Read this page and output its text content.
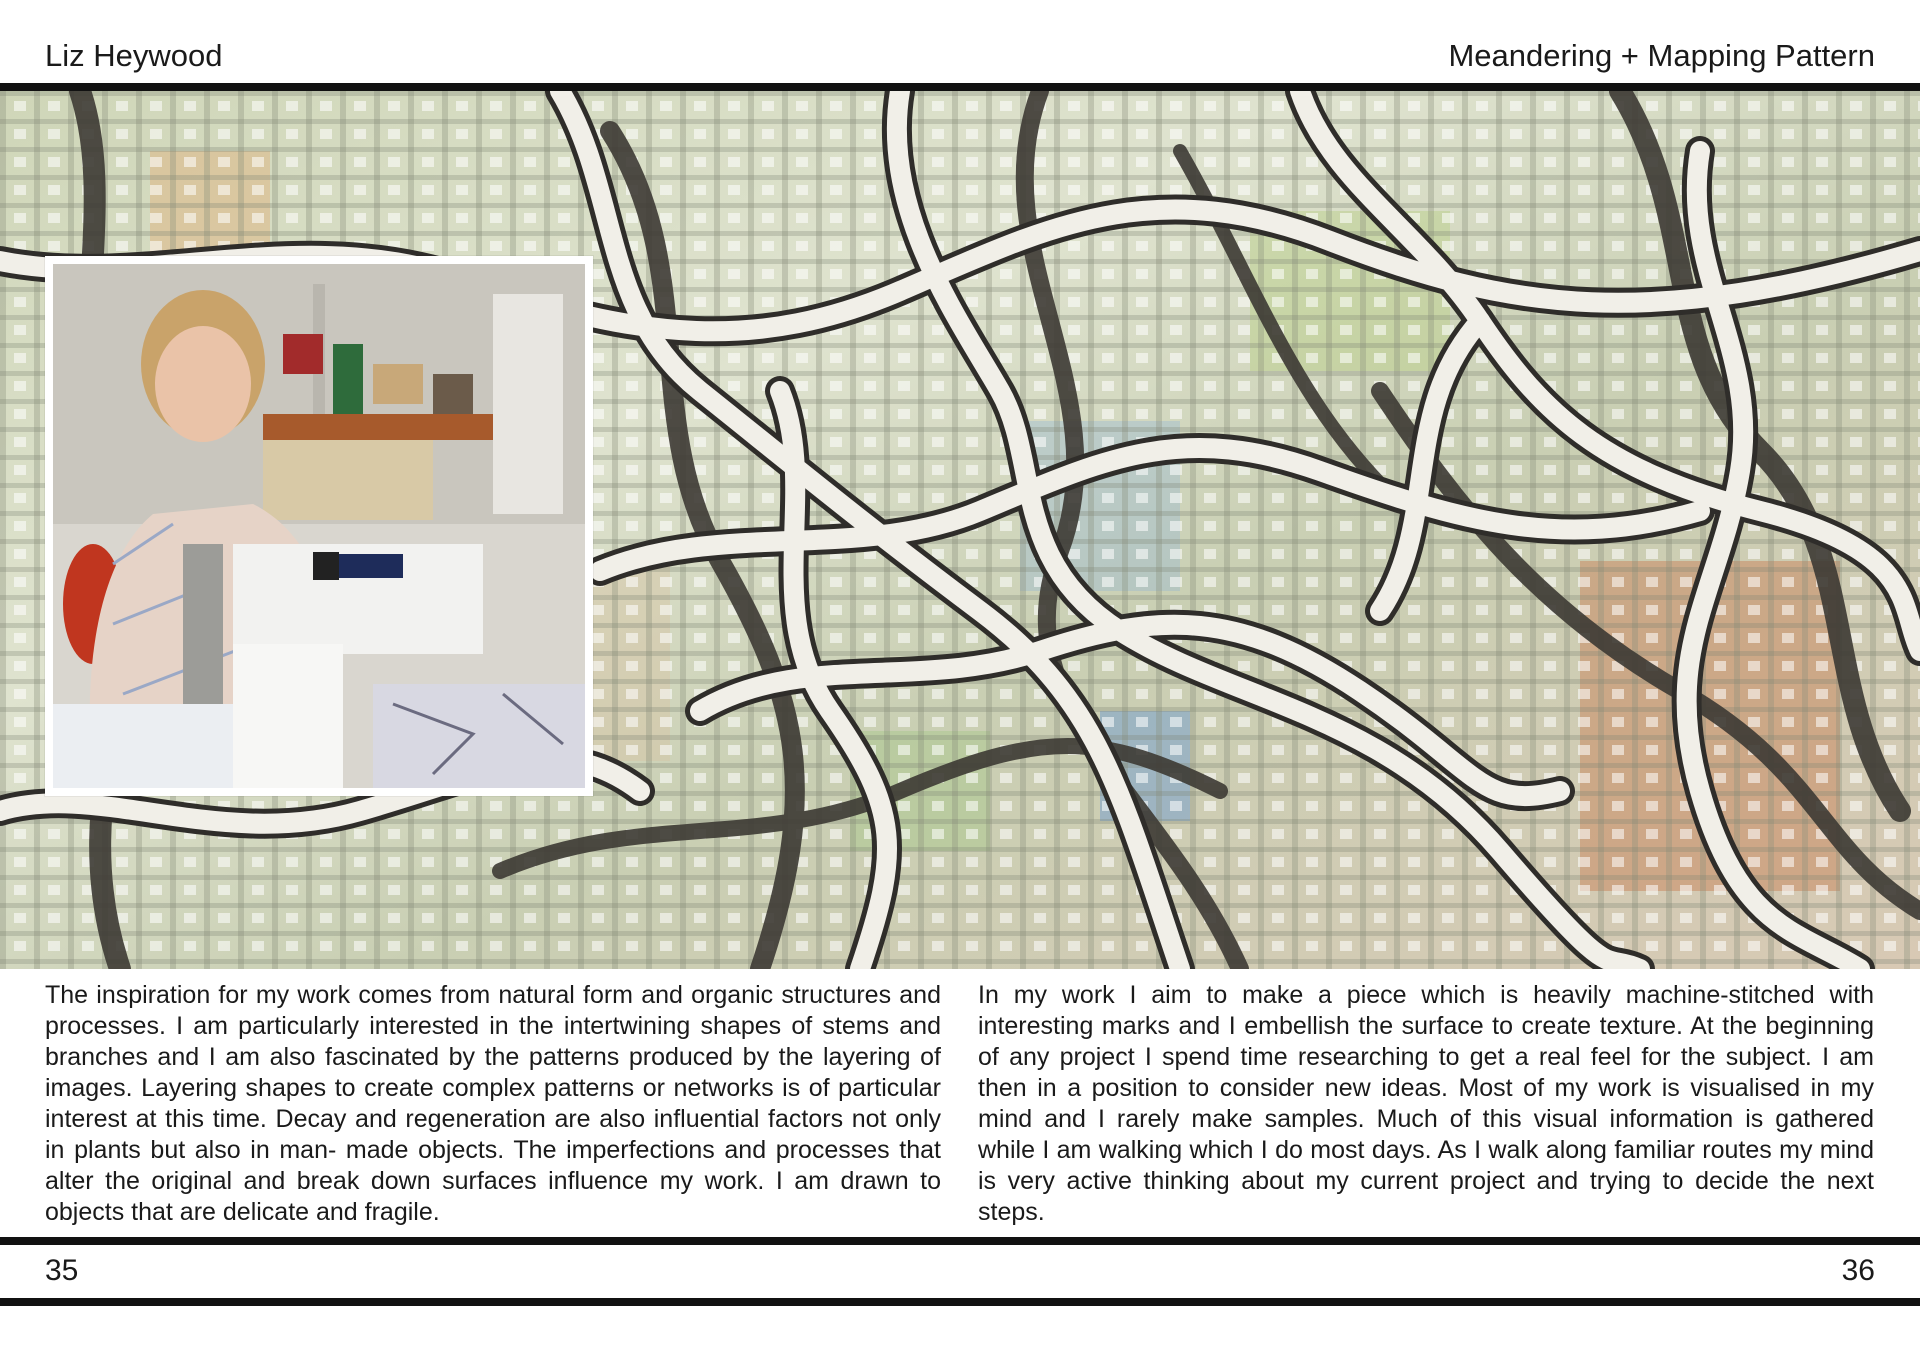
Liz Heywood	Meandering + Mapping Pattern

The inspiration for my work comes from natural form and organic structures and processes. I am particularly interested in the intertwining shapes of stems and branches and I am also fascinated by the patterns produced by the layering of images. Layering shapes to create complex patterns or networks is of particular interest at this time. Decay and regeneration are also influential factors not only in plants but also in man- made objects. The imperfections and processes that alter the original and break down surfaces influence my work. I am drawn to objects that are delicate and fragile.

In my work I aim to make a piece which is heavily machine-stitched with interesting marks and I embellish the surface to create texture. At the beginning of any project I spend time researching to get a real feel for the subject. I am then in a position to consider new ideas. Most of my work is visualised in my mind and I rarely make samples. Much of this visual information is gathered while I am walking which I do most days. As I walk along familiar routes my mind is very active thinking about my current project and trying to decide the next steps.

35	36
